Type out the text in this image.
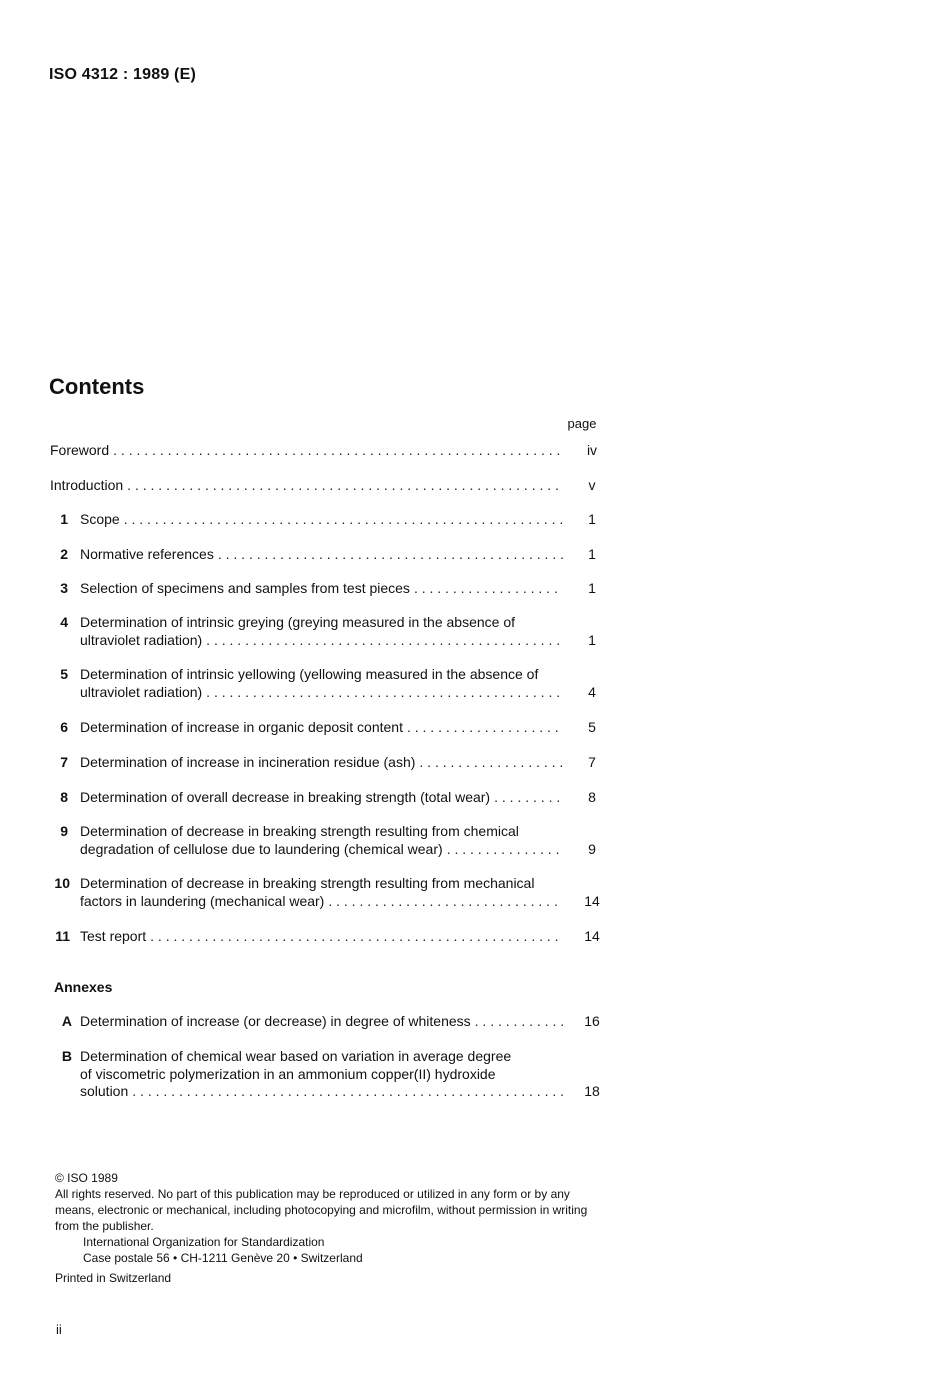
ISO 4312 : 1989 (E)
Contents
page
Foreword . . .	iv
Introduction . . .	v
1 Scope . . .	1
2 Normative references . . .	1
3 Selection of specimens and samples from test pieces . . .	1
4 Determination of intrinsic greying (greying measured in the absence of
ultraviolet radiation) . . .	1
5 Determination of intrinsic yellowing (yellowing measured in the absence of
ultraviolet radiation) . . .	4
6 Determination of increase in organic deposit content . . .	5
7 Determination of increase in incineration residue (ash) . . .	7
8 Determination of overall decrease in breaking strength (total wear) . . .	8
9 Determination of decrease in breaking strength resulting from chemical
degradation of cellulose due to laundering (chemical wear) . . .	9
10 Determination of decrease in breaking strength resulting from mechanical
factors in laundering (mechanical wear) . . .	14
11 Test report . . .	14
A Determination of increase (or decrease) in degree of whiteness . . .	16
B Determination of chemical wear based on variation in average degree
of viscometric polymerization in an ammonium copper(II) hydroxide
solution . . .	18
Annexes
© ISO 1989
All rights reserved. No part of this publication may be reproduced or utilized in any form or by any means, electronic or mechanical, including photocopying and microfilm, without permission in writing from the publisher.
International Organization for Standardization
Case postale 56 • CH-1211 Genève 20 • Switzerland
Printed in Switzerland
ii
